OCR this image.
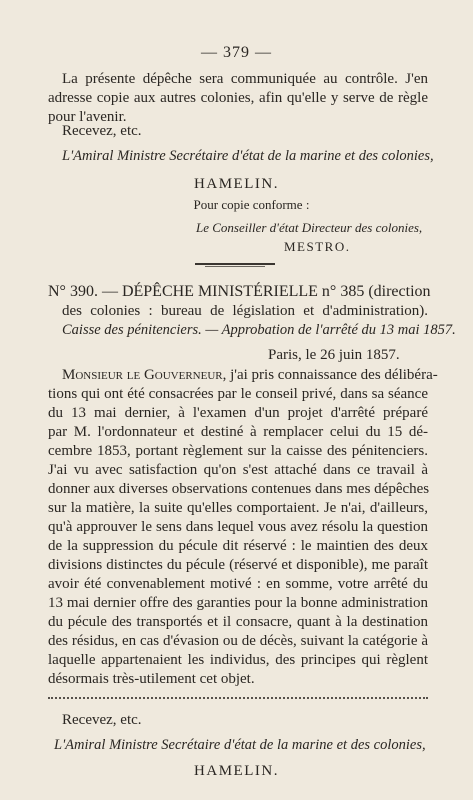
— 379 —
La présente dépêche sera communiquée au contrôle. J'en
adresse copie aux autres colonies, afin qu'elle y serve de règle
pour l'avenir.
Recevez, etc.
L'Amiral Ministre Secrétaire d'état de la marine et des colonies,
HAMELIN.
Pour copie conforme :
Le Conseiller d'état Directeur des colonies,
MESTRO.
N° 390. — DÉPÊCHE MINISTÉRIELLE n° 385 (direction
des colonies : bureau de législation et d'administration).
Caisse des pénitenciers. — Approbation de l'arrêté du 13 mai 1857.
Paris, le 26 juin 1857.
Monsieur le Gouverneur, j'ai pris connaissance des délibéra-
tions qui ont été consacrées par le conseil privé, dans sa séance
du 13 mai dernier, à l'examen d'un projet d'arrêté préparé
par M. l'ordonnateur et destiné à remplacer celui du 15 dé-
cembre 1853, portant règlement sur la caisse des pénitenciers.
J'ai vu avec satisfaction qu'on s'est attaché dans ce travail à
donner aux diverses observations contenues dans mes dépêches
sur la matière, la suite qu'elles comportaient. Je n'ai, d'ailleurs,
qu'à approuver le sens dans lequel vous avez résolu la question
de la suppression du pécule dit réservé : le maintien des deux
divisions distinctes du pécule (réservé et disponible), me paraît
avoir été convenablement motivé : en somme, votre arrêté du
13 mai dernier offre des garanties pour la bonne administration
du pécule des transportés et il consacre, quant à la destination
des résidus, en cas d'évasion ou de décès, suivant la catégorie à
laquelle appartenaient les individus, des principes qui règlent
désormais très-utilement cet objet.
Recevez, etc.
L'Amiral Ministre Secrétaire d'état de la marine et des colonies,
HAMELIN.
